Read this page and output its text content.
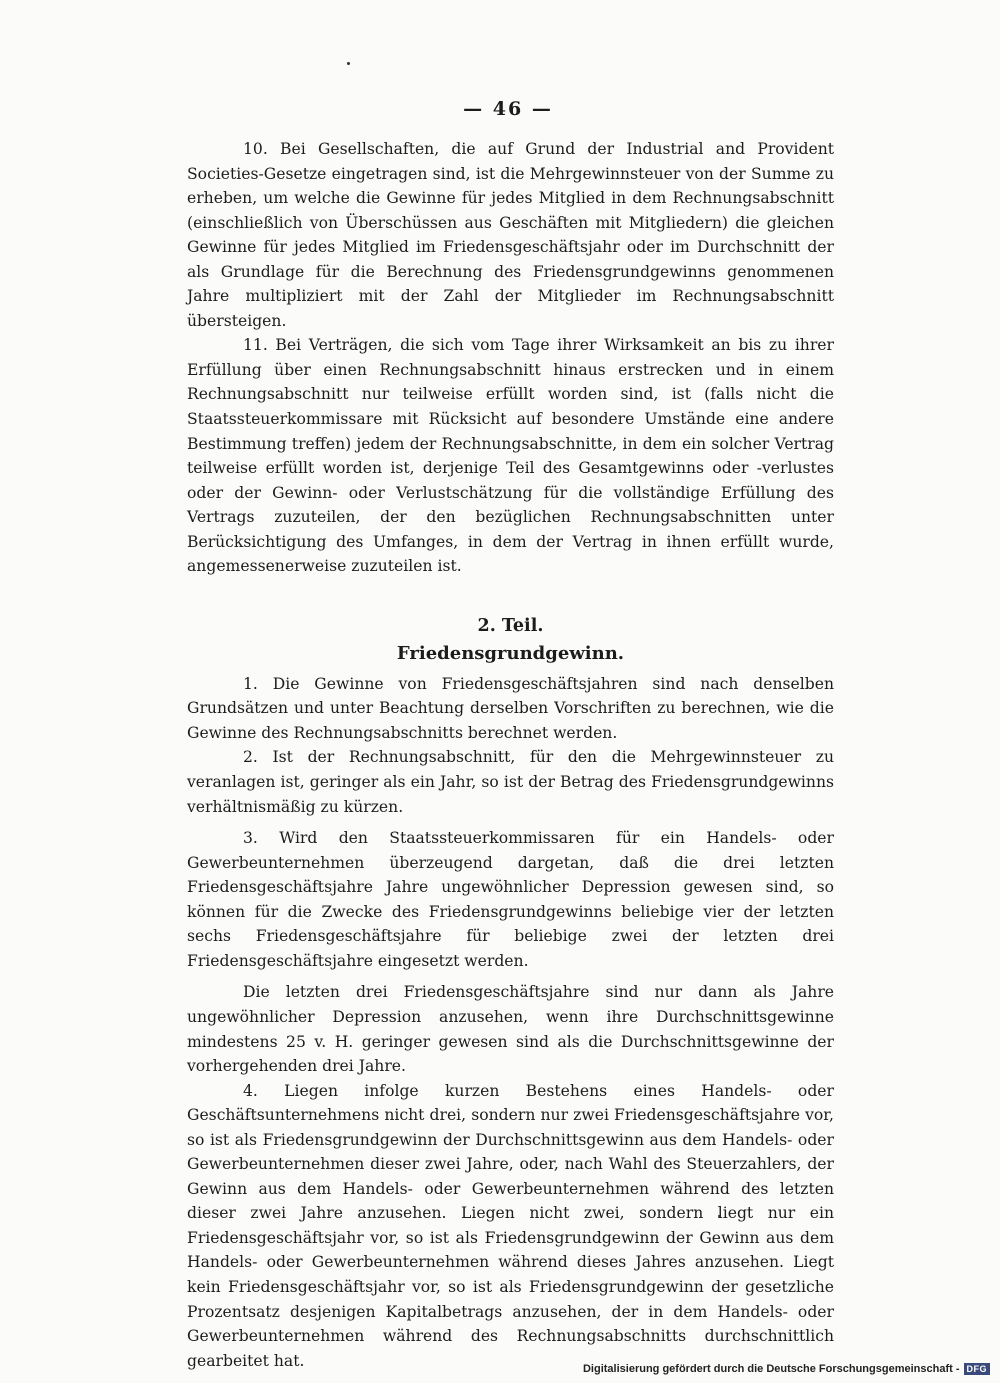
— 46 —

10. Bei Gesellschaften, die auf Grund der Industrial and Provident Societies-Gesetze eingetragen sind, ist die Mehrgewinnsteuer von der Summe zu erheben, um welche die Gewinne für jedes Mitglied in dem Rechnungsabschnitt (einschließlich von Überschüssen aus Geschäften mit Mitgliedern) die gleichen Gewinne für jedes Mitglied im Friedensgeschäftsjahr oder im Durchschnitt der als Grundlage für die Berechnung des Friedensgrundgewinns genommenen Jahre multipliziert mit der Zahl der Mitglieder im Rechnungsabschnitt übersteigen.

11. Bei Verträgen, die sich vom Tage ihrer Wirksamkeit an bis zu ihrer Erfüllung über einen Rechnungsabschnitt hinaus erstrecken und in einem Rechnungsabschnitt nur teilweise erfüllt worden sind, ist (falls nicht die Staatssteuerkommissare mit Rücksicht auf besondere Umstände eine andere Bestimmung treffen) jedem der Rechnungsabschnitte, in dem ein solcher Vertrag teilweise erfüllt worden ist, derjenige Teil des Gesamtgewinns oder -verlustes oder der Gewinn- oder Verlustschätzung für die vollständige Erfüllung des Vertrags zuzuteilen, der den bezüglichen Rechnungsabschnitten unter Berücksichtigung des Umfanges, in dem der Vertrag in ihnen erfüllt wurde, angemessenerweise zuzuteilen ist.

2. Teil.
Friedensgrundgewinn.

1. Die Gewinne von Friedensgeschäftsjahren sind nach denselben Grundsätzen und unter Beachtung derselben Vorschriften zu berechnen, wie die Gewinne des Rechnungsabschnitts berechnet werden.

2. Ist der Rechnungsabschnitt, für den die Mehrgewinnsteuer zu veranlagen ist, geringer als ein Jahr, so ist der Betrag des Friedensgrundgewinns verhältnismäßig zu kürzen.

3. Wird den Staatssteuerkommissaren für ein Handels- oder Gewerbeunternehmen überzeugend dargetan, daß die drei letzten Friedensgeschäftsjahre Jahre ungewöhnlicher Depression gewesen sind, so können für die Zwecke des Friedensgrundgewinns beliebige vier der letzten sechs Friedensgeschäftsjahre für beliebige zwei der letzten drei Friedensgeschäftsjahre eingesetzt werden.

Die letzten drei Friedensgeschäftsjahre sind nur dann als Jahre ungewöhnlicher Depression anzusehen, wenn ihre Durchschnittsgewinne mindestens 25 v. H. geringer gewesen sind als die Durchschnittsgewinne der vorhergehenden drei Jahre.

4. Liegen infolge kurzen Bestehens eines Handels- oder Geschäftsunternehmens nicht drei, sondern nur zwei Friedensgeschäftsjahre vor, so ist als Friedensgrundgewinn der Durchschnittsgewinn aus dem Handels- oder Gewerbeunternehmen dieser zwei Jahre, oder, nach Wahl des Steuerzahlers, der Gewinn aus dem Handels- oder Gewerbeunternehmen während des letzten dieser zwei Jahre anzusehen. Liegen nicht zwei, sondern liegt nur ein Friedensgeschäftsjahr vor, so ist als Friedensgrundgewinn der Gewinn aus dem Handels- oder Gewerbeunternehmen während dieses Jahres anzusehen. Liegt kein Friedensgeschäftsjahr vor, so ist als Friedensgrundgewinn der gesetzliche Prozentsatz desjenigen Kapitalbetrags anzusehen, der in dem Handels- oder Gewerbeunternehmen während des Rechnungsabschnitts durchschnittlich gearbeitet hat.	Digitalisierung gefördert durch die Deutsche Forschungsgemeinschaft - DFG
